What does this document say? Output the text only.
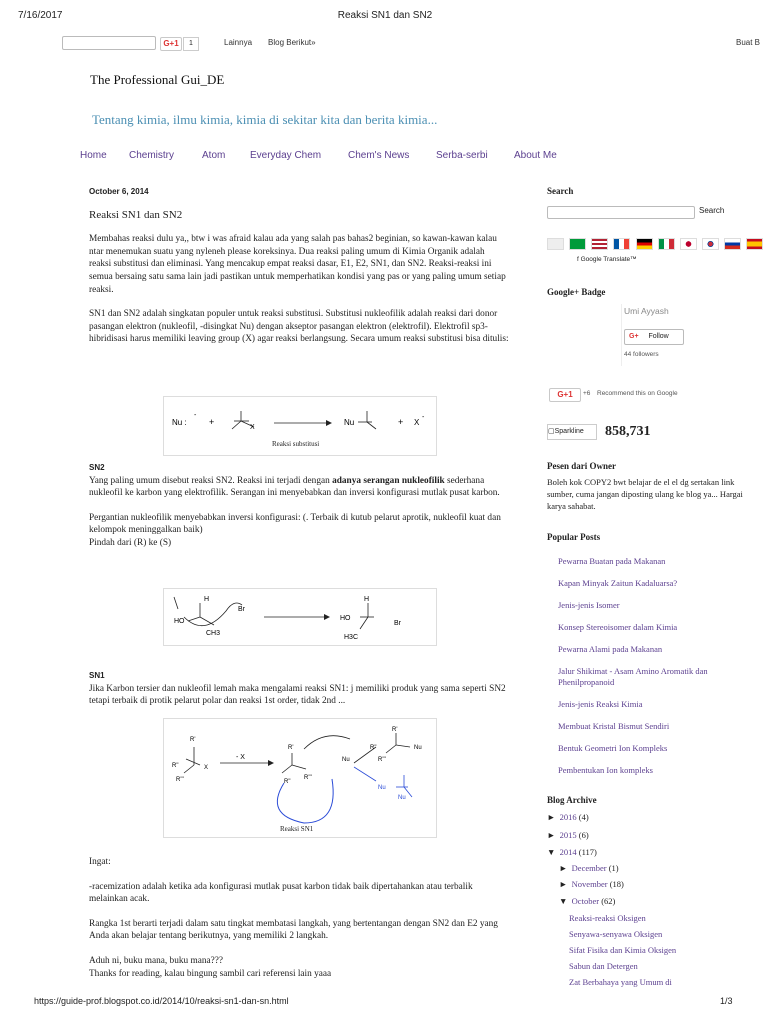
7/16/2017	Reaksi SN1 dan SN2
G+1	1	Lainnya Blog Berikut»	Buat B
The Professional Gui_DE
Tentang kimia, ilmu kimia, kimia di sekitar kita dan berita kimia...
Home Chemistry	Atom Everyday Chem	Chem's News	Serba-serbi	About Me
October 6, 2014
Reaksi SN1 dan SN2

Membahas reaksi dulu ya,, btw i was afraid kalau ada yang salah pas bahas2 beginian, so kawan-kawan kalau ntar menemukan suatu yang nyleneh please koreksinya. Dua reaksi paling umum di Kimia Organik adalah reaksi substitusi dan eliminasi. Yang mencakup empat reaksi dasar, E1, E2, SN1, dan SN2. Reaksi-reaksi ini semua bersaing satu sama lain jadi pastikan untuk memperhatikan kondisi yang pas or yang paling umum setiap reaksi.

SN1 dan SN2 adalah singkatan populer untuk reaksi substitusi. Substitusi nukleofilik adalah reaksi dari donor pasangan elektron (nukleofil, -disingkat Nu) dengan akseptor pasangan elektron (elektrofil). Elektrofil sp3-hibridisasi harus memiliki leaving group (X) agar reaksi berlangsung. Secara umum reaksi substitusi bisa ditulis:

Nu :
-
+
X
Nu	+ X
-
Reaksi substitusi
SN2

Yang paling umum disebut reaksi SN2. Reaksi ini terjadi dengan adanya serangan nukleofilik sederhana nukleofil ke karbon yang elektrofilik. Serangan ini menyebabkan dan inversi konfigurasi mutlak pusat karbon.

Pergantian nukleofilik menyebabkan inversi konfigurasi: (. Terbaik di kutub pelarut aprotik, nukleofil kuat dan kelompok meninggalkan baik)

Pindah dari (R) ke (S)

H
Br
HO
CH3
H
HO
Br
H3C
SN1

Jika Karbon tersier dan nukleofil lemah maka mengalami reaksi SN1: j memiliki produk yang sama seperti SN2 tetapi terbaik di protik pelarut polar dan reaksi 1st order, tidak 2nd ...

R'
R"
R'''
X
- X
R'
R"
R'''
Nu
R'
R"
R'''
Nu
Nu
Nu
Reaksi SN1

Ingat:

-racemization adalah ketika ada konfigurasi mutlak pusat karbon tidak baik dipertahankan atau terbalik melainkan acak.

Rangka 1st berarti terjadi dalam satu tingkat membatasi langkah, yang bertentangan dengan SN2 dan E2 yang Anda akan belajar tentang berikutnya, yang memiliki 2 langkah.

Aduh ni, buku mana, buku mana???

Thanks for reading, kalau bingung sambil cari referensi lain yaaa

Search
Search

f Google Translate™
Google+ Badge
Umi Ayyash
G+ Follow
44 followers
G+1	+6 Recommend this on Google
▢Sparkline	858,731
Pesen dari Owner
Boleh kok COPY2 bwt belajar de el el dg sertakan link sumber, cuma jangan diposting ulang ke blog ya... Hargai karya sahabat.
Popular Posts
Pewarna Buatan pada Makanan
Kapan Minyak Zaitun Kadaluarsa?
Jenis-jenis Isomer
Konsep Stereoisomer dalam Kimia
Pewarna Alami pada Makanan
Jalur Shikimat - Asam Amino Aromatik dan Phenilpropanoid
Jenis-jenis Reaksi Kimia
Membuat Kristal Bismut Sendiri
Bentuk Geometri Ion Kompleks
Pembentukan Ion kompleks
Blog Archive
► 2016 (4)
► 2015 (6)
▼ 2014 (117)
► December (1)
► November (18)
▼ October (62)
Reaksi-reaksi Oksigen
Senyawa-senyawa Oksigen
Sifat Fisika dan Kimia Oksigen
Sabun dan Detergen
Zat Berbahaya yang Umum di
https://guide-prof.blogspot.co.id/2014/10/reaksi-sn1-dan-sn.html	1/3
